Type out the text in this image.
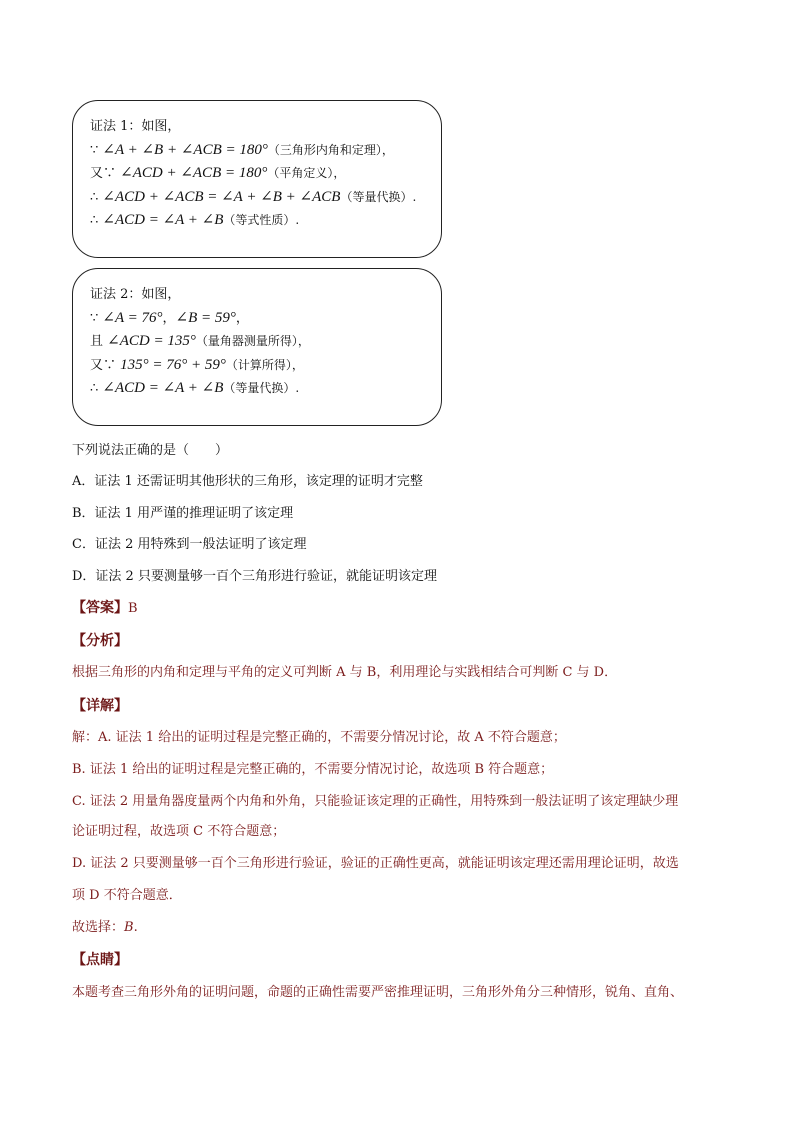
证法 1：如图，
∵ ∠A + ∠B + ∠ACB = 180°（三角形内角和定理），
又∵ ∠ACD + ∠ACB = 180°（平角定义），
∴ ∠ACD + ∠ACB = ∠A + ∠B + ∠ACB（等量代换）.
∴ ∠ACD = ∠A + ∠B（等式性质）.
证法 2：如图，
∵ ∠A = 76°，∠B = 59°，
且 ∠ACD = 135°（量角器测量所得），
又∵ 135° = 76° + 59°（计算所得），
∴ ∠ACD = ∠A + ∠B（等量代换）.
下列说法正确的是（　　）
A．证法 1 还需证明其他形状的三角形，该定理的证明才完整
B．证法 1 用严谨的推理证明了该定理
C．证法 2 用特殊到一般法证明了该定理
D．证法 2 只要测量够一百个三角形进行验证，就能证明该定理
【答案】B
【分析】
根据三角形的内角和定理与平角的定义可判断 A 与 B，利用理论与实践相结合可判断 C 与 D．
【详解】
解：A. 证法 1 给出的证明过程是完整正确的，不需要分情况讨论，故 A 不符合题意；
B. 证法 1 给出的证明过程是完整正确的，不需要分情况讨论，故选项 B 符合题意；
C. 证法 2 用量角器度量两个内角和外角，只能验证该定理的正确性，用特殊到一般法证明了该定理缺少理
论证明过程，故选项 C 不符合题意；
D. 证法 2 只要测量够一百个三角形进行验证，验证的正确性更高，就能证明该定理还需用理论证明，故选
项 D 不符合题意．
故选择：B.
【点睛】
本题考查三角形外角的证明问题，命题的正确性需要严密推理证明，三角形外角分三种情形，锐角、直角、
